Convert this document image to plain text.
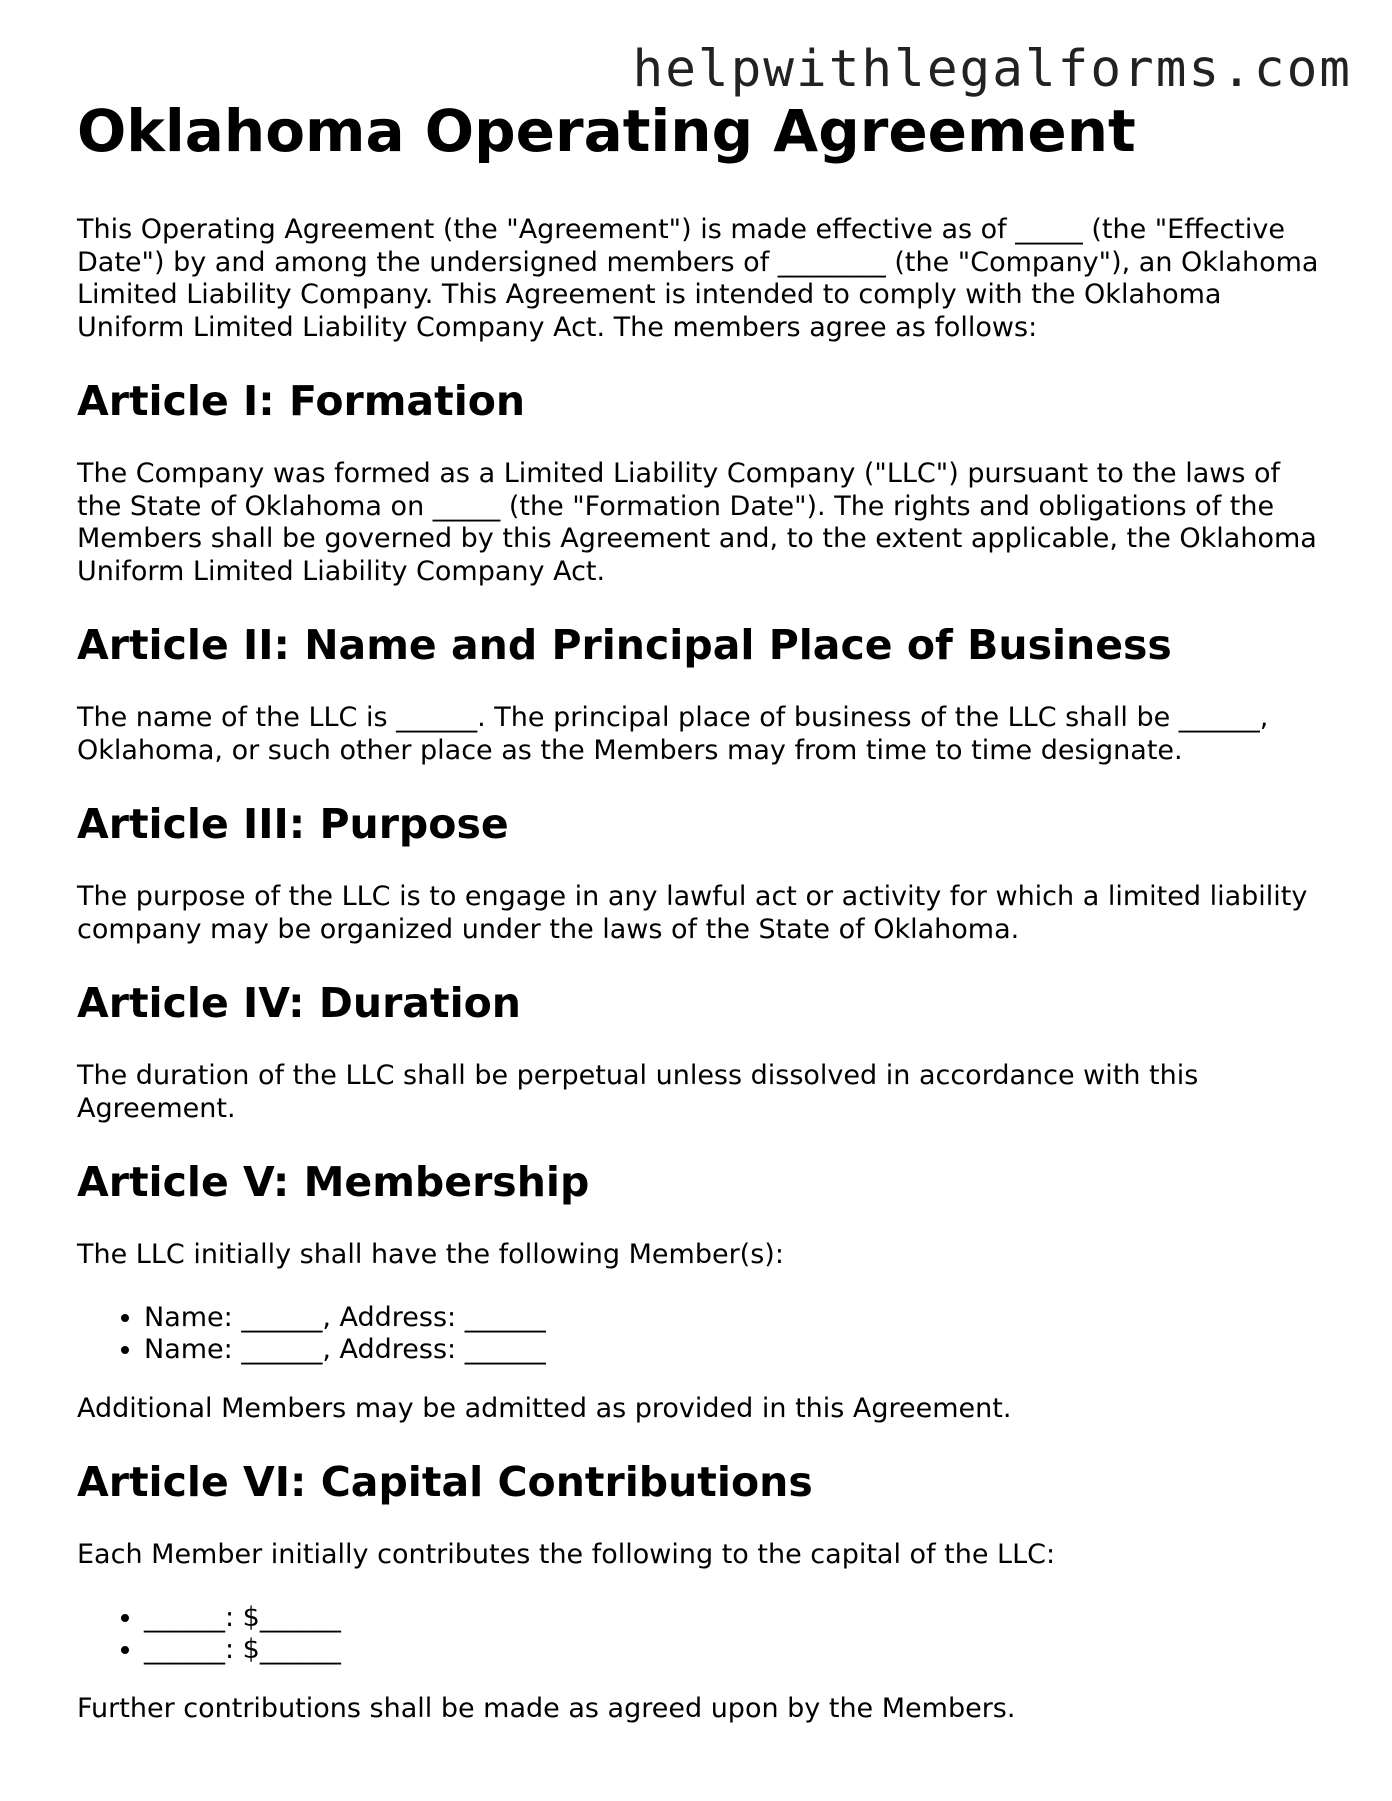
helpwithlegalforms.com
Oklahoma Operating Agreement

This Operating Agreement (the "Agreement") is made effective as of _____ (the "Effective Date") by and among the undersigned members of ________ (the "Company"), an Oklahoma Limited Liability Company. This Agreement is intended to comply with the Oklahoma Uniform Limited Liability Company Act. The members agree as follows:

Article I: Formation

The Company was formed as a Limited Liability Company ("LLC") pursuant to the laws of the State of Oklahoma on _____ (the "Formation Date"). The rights and obligations of the Members shall be governed by this Agreement and, to the extent applicable, the Oklahoma Uniform Limited Liability Company Act.

Article II: Name and Principal Place of Business

The name of the LLC is ______. The principal place of business of the LLC shall be ______, Oklahoma, or such other place as the Members may from time to time designate.

Article III: Purpose

The purpose of the LLC is to engage in any lawful act or activity for which a limited liability company may be organized under the laws of the State of Oklahoma.

Article IV: Duration

The duration of the LLC shall be perpetual unless dissolved in accordance with this Agreement.

Article V: Membership

The LLC initially shall have the following Member(s):

• Name: ______, Address: ______
• Name: ______, Address: ______

Additional Members may be admitted as provided in this Agreement.

Article VI: Capital Contributions

Each Member initially contributes the following to the capital of the LLC:

• ______: $______
• ______: $______

Further contributions shall be made as agreed upon by the Members.
